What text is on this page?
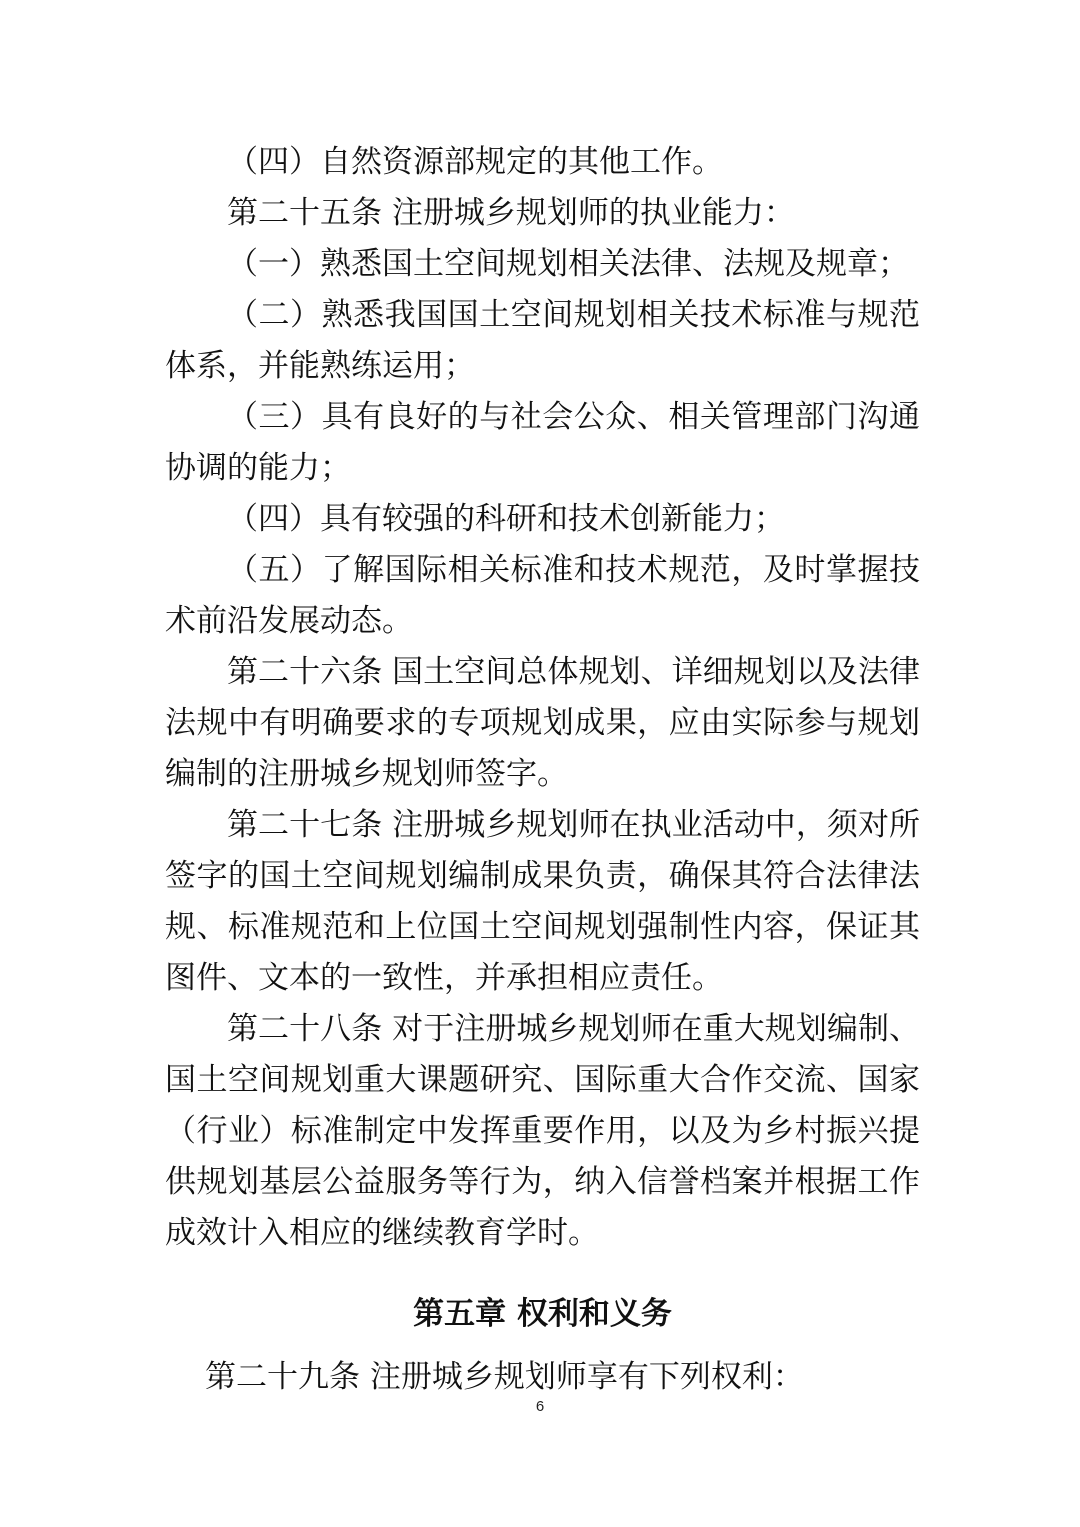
（四）自然资源部规定的其他工作。

第二十五条 注册城乡规划师的执业能力：

（一）熟悉国土空间规划相关法律、法规及规章；

（二）熟悉我国国土空间规划相关技术标准与规范体系，并能熟练运用；

（三）具有良好的与社会公众、相关管理部门沟通协调的能力；

（四）具有较强的科研和技术创新能力；

（五）了解国际相关标准和技术规范，及时掌握技术前沿发展动态。

第二十六条 国土空间总体规划、详细规划以及法律法规中有明确要求的专项规划成果，应由实际参与规划编制的注册城乡规划师签字。

第二十七条 注册城乡规划师在执业活动中，须对所签字的国土空间规划编制成果负责，确保其符合法律法规、标准规范和上位国土空间规划强制性内容，保证其图件、文本的一致性，并承担相应责任。

第二十八条 对于注册城乡规划师在重大规划编制、国土空间规划重大课题研究、国际重大合作交流、国家（行业）标准制定中发挥重要作用，以及为乡村振兴提供规划基层公益服务等行为，纳入信誉档案并根据工作成效计入相应的继续教育学时。

第五章 权利和义务

第二十九条 注册城乡规划师享有下列权利：

6
